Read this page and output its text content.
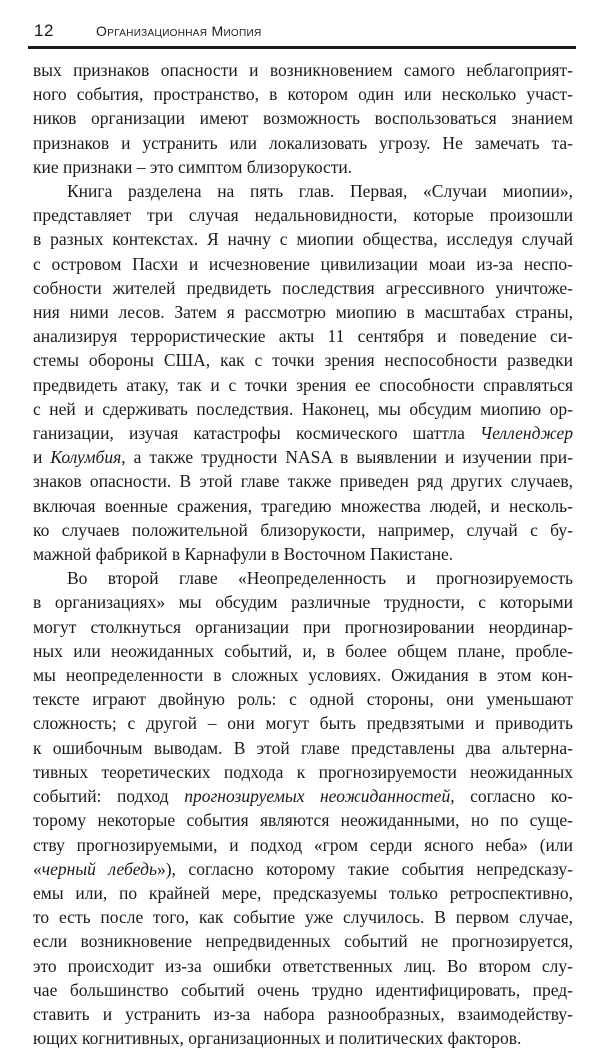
12	Организационная Миопия

вых признаков опасности и возникновением самого неблагоприят-
ного события, пространство, в котором один или несколько участ-
ников организации имеют возможность воспользоваться знанием
признаков и устранить или локализовать угрозу. Не замечать та-
кие признаки – это симптом близорукости.

Книга разделена на пять глав. Первая, «Случаи миопии»,
представляет три случая недальновидности, которые произошли
в разных контекстах. Я начну с миопии общества, исследуя случай
с островом Пасхи и исчезновение цивилизации моаи из-за неспо-
собности жителей предвидеть последствия агрессивного уничтоже-
ния ними лесов. Затем я рассмотрю миопию в масштабах страны,
анализируя террористические акты 11 сентября и поведение си-
стемы обороны США, как с точки зрения неспособности разведки
предвидеть атаку, так и с точки зрения ее способности справляться
с ней и сдерживать последствия. Наконец, мы обсудим миопию ор-
ганизации, изучая катастрофы космического шаттла Челленджер
и Колумбия, а также трудности NASA в выявлении и изучении при-
знаков опасности. В этой главе также приведен ряд других случаев,
включая военные сражения, трагедию множества людей, и несколь-
ко случаев положительной близорукости, например, случай с бу-
мажной фабрикой в Карнафули в Восточном Пакистане.

Во второй главе «Неопределенность и прогнозируемость
в организациях» мы обсудим различные трудности, с которыми
могут столкнуться организации при прогнозировании неординар-
ных или неожиданных событий, и, в более общем плане, пробле-
мы неопределенности в сложных условиях. Ожидания в этом кон-
тексте играют двойную роль: с одной стороны, они уменьшают
сложность; с другой – они могут быть предвзятыми и приводить
к ошибочным выводам. В этой главе представлены два альтерна-
тивных теоретических подхода к прогнозируемости неожиданных
событий: подход прогнозируемых неожиданностей, согласно ко-
торому некоторые события являются неожиданными, но по суще-
ству прогнозируемыми, и подход «гром серди ясного неба» (или
«черный лебедь»), согласно которому такие события непредсказу-
емы или, по крайней мере, предсказуемы только ретроспективно,
то есть после того, как событие уже случилось. В первом случае,
если возникновение непредвиденных событий не прогнозируется,
это происходит из-за ошибки ответственных лиц. Во втором слу-
чае большинство событий очень трудно идентифицировать, пред-
ставить и устранить из-за набора разнообразных, взаимодейству-
ющих когнитивных, организационных и политических факторов.
